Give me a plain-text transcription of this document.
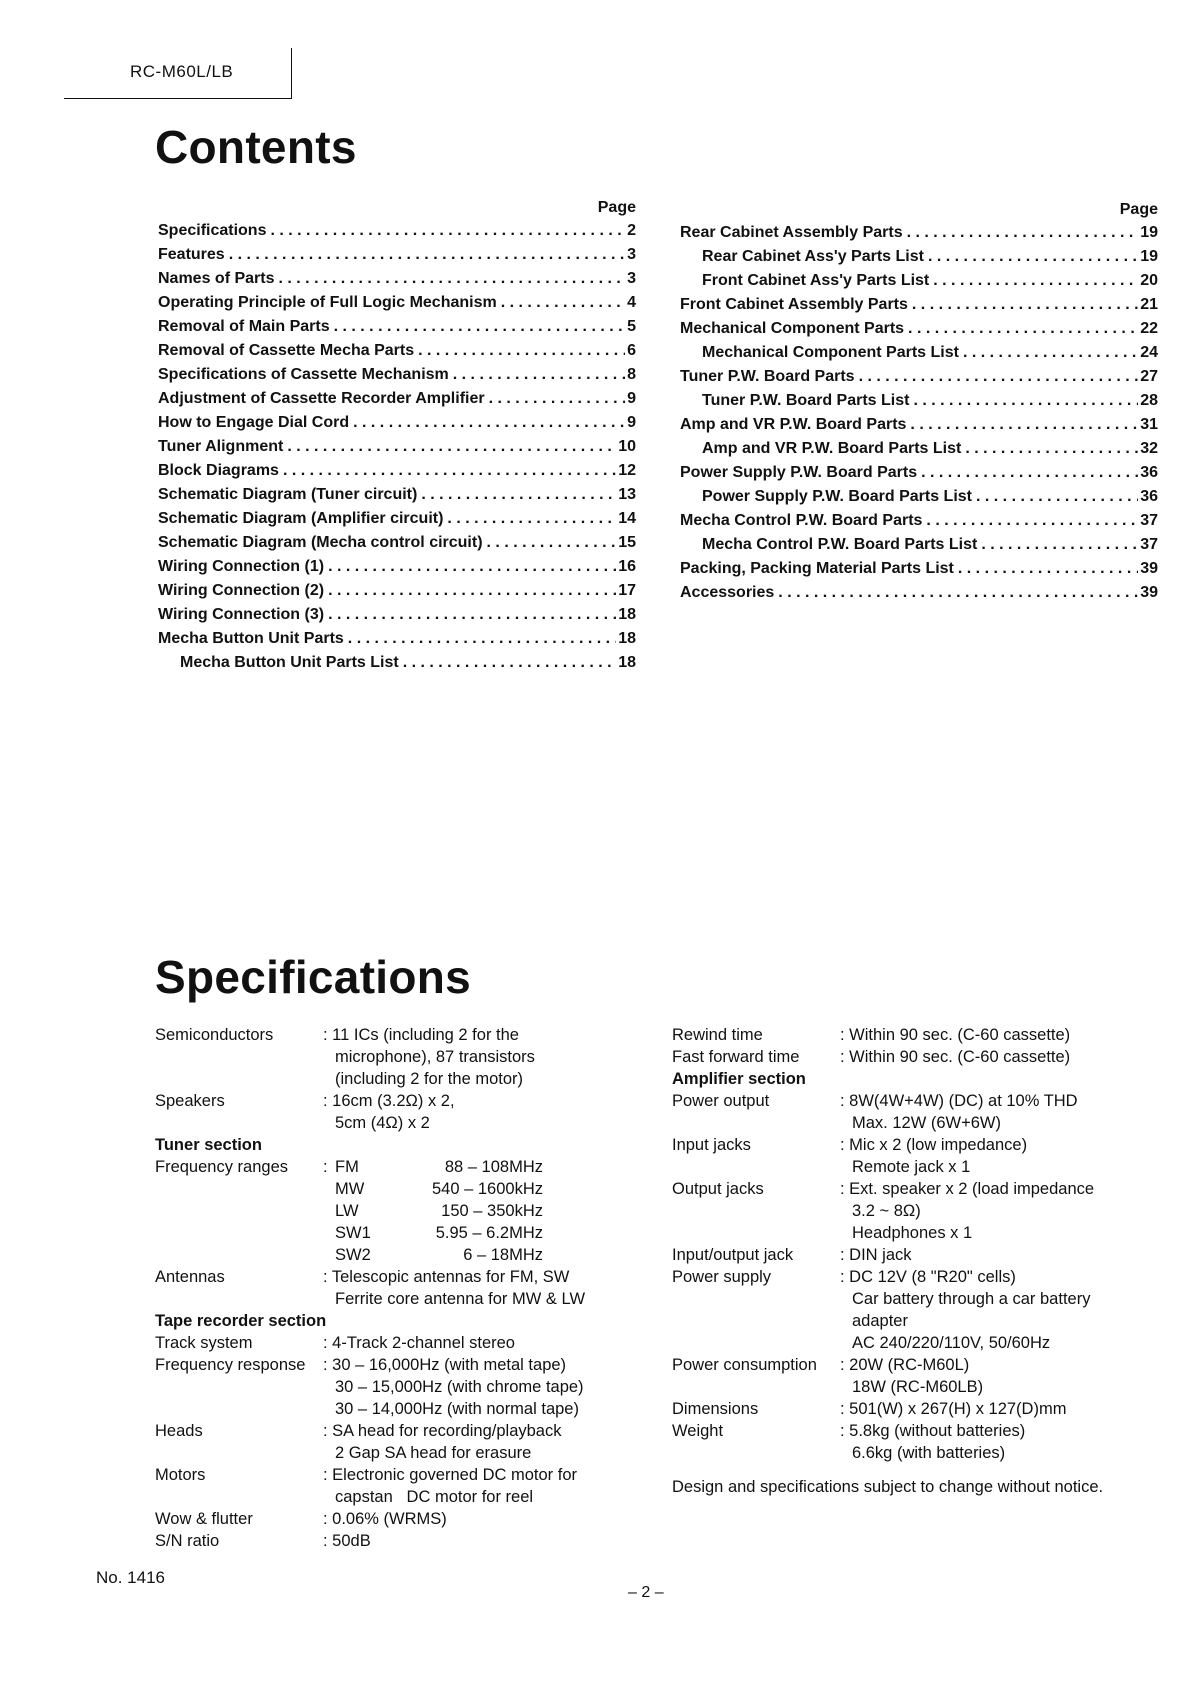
RC-M60L/LB
Contents
Page
Specifications . . .	2
Features . . .	3
Names of Parts . . .	3
Operating Principle of Full Logic Mechanism . . .	4
Removal of Main Parts . . .	5
Removal of Cassette Mecha Parts . . .	6
Specifications of Cassette Mechanism . . .	8
Adjustment of Cassette Recorder Amplifier . . .	9
How to Engage Dial Cord . . .	9
Tuner Alignment . . .	10
Block Diagrams . . .	12
Schematic Diagram (Tuner circuit) . . .	13
Schematic Diagram (Amplifier circuit) . . .	14
Schematic Diagram (Mecha control circuit) . . .	15
Wiring Connection (1) . . .	16
Wiring Connection (2) . . .	17
Wiring Connection (3) . . .	18
Mecha Button Unit Parts . . .	18
Mecha Button Unit Parts List . . .	18
Page
Rear Cabinet Assembly Parts . . .	19
Rear Cabinet Ass'y Parts List . . .	19
Front Cabinet Ass'y Parts List . . .	20
Front Cabinet Assembly Parts . . .	21
Mechanical Component Parts . . .	22
Mechanical Component Parts List . . .	24
Tuner P.W. Board Parts . . .	27
Tuner P.W. Board Parts List . . .	28
Amp and VR P.W. Board Parts . . .	31
Amp and VR P.W. Board Parts List . . .	32
Power Supply P.W. Board Parts . . .	36
Power Supply P.W. Board Parts List . . .	36
Mecha Control P.W. Board Parts . . .	37
Mecha Control P.W. Board Parts List . . .	37
Packing, Packing Material Parts List . . .	39
Accessories . . .	39
Specifications
Semiconductors	: 11 ICs (including 2 for the
microphone), 87 transistors
(including 2 for the motor)
Speakers	: 16cm (3.2Ω) x 2,
5cm (4Ω) x 2
Tuner section
Frequency ranges	: FM	88 – 108MHz
MW	540 – 1600kHz
LW	150 – 350kHz
SW1	5.95 – 6.2MHz
SW2	6 – 18MHz
Antennas	: Telescopic antennas for FM, SW
Ferrite core antenna for MW & LW
Tape recorder section
Track system	: 4-Track 2-channel stereo
Frequency response	: 30 – 16,000Hz (with metal tape)
30 – 15,000Hz (with chrome tape)
30 – 14,000Hz (with normal tape)
Heads	: SA head for recording/playback
2 Gap SA head for erasure
Motors	: Electronic governed DC motor for
capstan   DC motor for reel
Wow & flutter	: 0.06% (WRMS)
S/N ratio	: 50dB
Rewind time	: Within 90 sec. (C-60 cassette)
Fast forward time	: Within 90 sec. (C-60 cassette)
Amplifier section
Power output	: 8W(4W+4W) (DC) at 10% THD
Max. 12W (6W+6W)
Input jacks	: Mic x 2 (low impedance)
Remote jack x 1
Output jacks	: Ext. speaker x 2 (load impedance
3.2 ~ 8Ω)
Headphones x 1
Input/output jack	: DIN jack
Power supply	: DC 12V (8 "R20" cells)
Car battery through a car battery
adapter
AC 240/220/110V, 50/60Hz
Power consumption	: 20W (RC-M60L)
18W (RC-M60LB)
Dimensions	: 501(W) x 267(H) x 127(D)mm
Weight	: 5.8kg (without batteries)
6.6kg (with batteries)
Design and specifications subject to change without notice.
No. 1416
– 2 –
